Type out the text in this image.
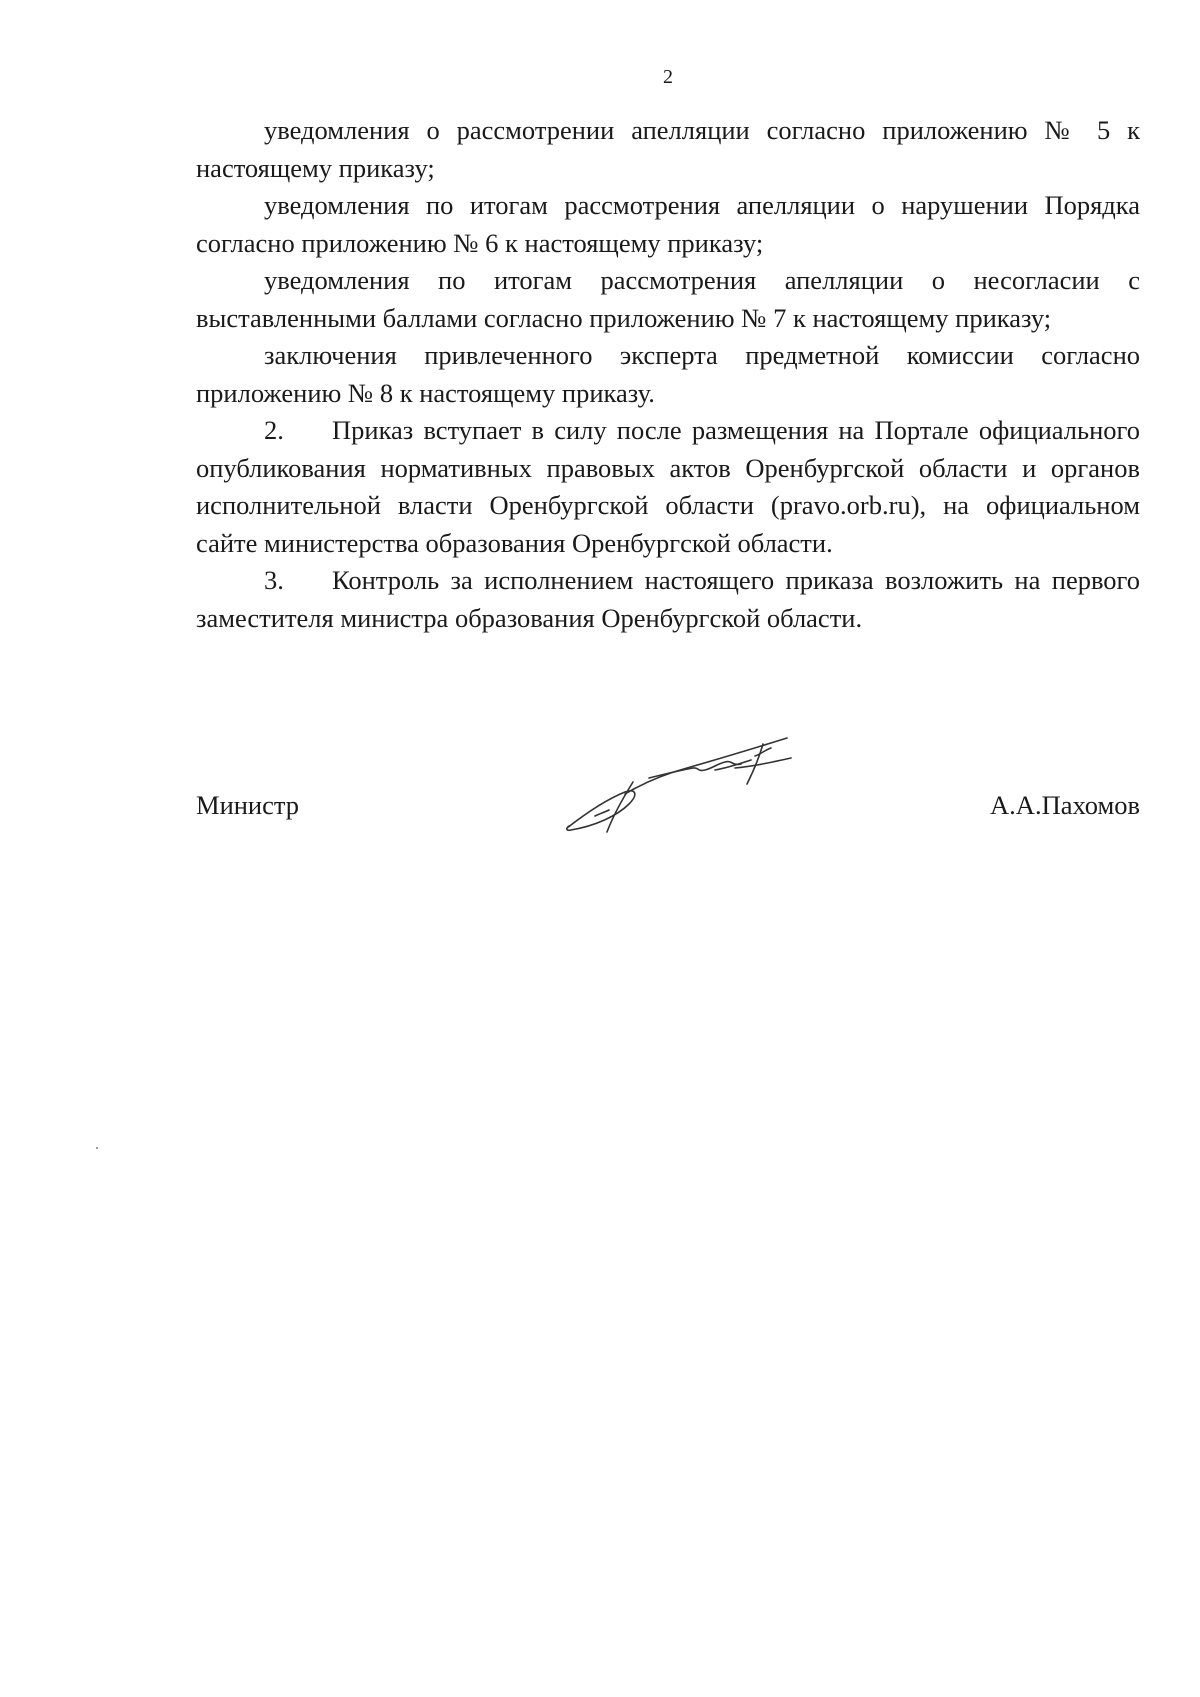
2

уведомления о рассмотрении апелляции согласно приложению № 5 к настоящему приказу;

уведомления по итогам рассмотрения апелляции о нарушении Порядка согласно приложению № 6 к настоящему приказу;

уведомления по итогам рассмотрения апелляции о несогласии с выставленными баллами согласно приложению № 7 к настоящему приказу;

заключения привлеченного эксперта предметной комиссии согласно приложению № 8 к настоящему приказу.

2. Приказ вступает в силу после размещения на Портале официального опубликования нормативных правовых актов Оренбургской области и органов исполнительной власти Оренбургской области (pravo.orb.ru), на официальном сайте министерства образования Оренбургской области.

3. Контроль за исполнением настоящего приказа возложить на первого заместителя министра образования Оренбургской области.

Министр	А.А.Пахомов
